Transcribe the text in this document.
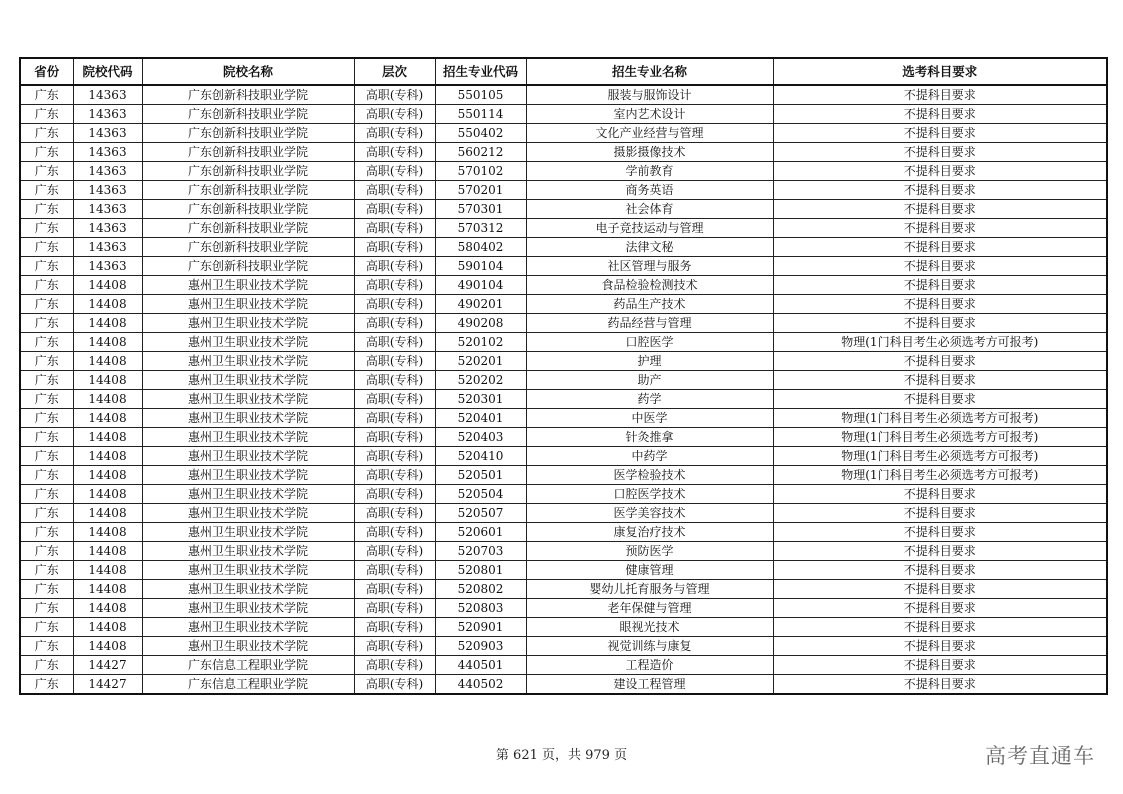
省份	院校代码	院校名称	层次	招生专业代码	招生专业名称	选考科目要求
广东	14363	广东创新科技职业学院	高职(专科)	550105	服装与服饰设计	不提科目要求
广东	14363	广东创新科技职业学院	高职(专科)	550114	室内艺术设计	不提科目要求
广东	14363	广东创新科技职业学院	高职(专科)	550402	文化产业经营与管理	不提科目要求
广东	14363	广东创新科技职业学院	高职(专科)	560212	摄影摄像技术	不提科目要求
广东	14363	广东创新科技职业学院	高职(专科)	570102	学前教育	不提科目要求
广东	14363	广东创新科技职业学院	高职(专科)	570201	商务英语	不提科目要求
广东	14363	广东创新科技职业学院	高职(专科)	570301	社会体育	不提科目要求
广东	14363	广东创新科技职业学院	高职(专科)	570312	电子竞技运动与管理	不提科目要求
广东	14363	广东创新科技职业学院	高职(专科)	580402	法律文秘	不提科目要求
广东	14363	广东创新科技职业学院	高职(专科)	590104	社区管理与服务	不提科目要求
广东	14408	惠州卫生职业技术学院	高职(专科)	490104	食品检验检测技术	不提科目要求
广东	14408	惠州卫生职业技术学院	高职(专科)	490201	药品生产技术	不提科目要求
广东	14408	惠州卫生职业技术学院	高职(专科)	490208	药品经营与管理	不提科目要求
广东	14408	惠州卫生职业技术学院	高职(专科)	520102	口腔医学	物理(1门科目考生必须选考方可报考)
广东	14408	惠州卫生职业技术学院	高职(专科)	520201	护理	不提科目要求
广东	14408	惠州卫生职业技术学院	高职(专科)	520202	助产	不提科目要求
广东	14408	惠州卫生职业技术学院	高职(专科)	520301	药学	不提科目要求
广东	14408	惠州卫生职业技术学院	高职(专科)	520401	中医学	物理(1门科目考生必须选考方可报考)
广东	14408	惠州卫生职业技术学院	高职(专科)	520403	针灸推拿	物理(1门科目考生必须选考方可报考)
广东	14408	惠州卫生职业技术学院	高职(专科)	520410	中药学	物理(1门科目考生必须选考方可报考)
广东	14408	惠州卫生职业技术学院	高职(专科)	520501	医学检验技术	物理(1门科目考生必须选考方可报考)
广东	14408	惠州卫生职业技术学院	高职(专科)	520504	口腔医学技术	不提科目要求
广东	14408	惠州卫生职业技术学院	高职(专科)	520507	医学美容技术	不提科目要求
广东	14408	惠州卫生职业技术学院	高职(专科)	520601	康复治疗技术	不提科目要求
广东	14408	惠州卫生职业技术学院	高职(专科)	520703	预防医学	不提科目要求
广东	14408	惠州卫生职业技术学院	高职(专科)	520801	健康管理	不提科目要求
广东	14408	惠州卫生职业技术学院	高职(专科)	520802	婴幼儿托育服务与管理	不提科目要求
广东	14408	惠州卫生职业技术学院	高职(专科)	520803	老年保健与管理	不提科目要求
广东	14408	惠州卫生职业技术学院	高职(专科)	520901	眼视光技术	不提科目要求
广东	14408	惠州卫生职业技术学院	高职(专科)	520903	视觉训练与康复	不提科目要求
广东	14427	广东信息工程职业学院	高职(专科)	440501	工程造价	不提科目要求
广东	14427	广东信息工程职业学院	高职(专科)	440502	建设工程管理	不提科目要求
第 621 页，共 979 页	高考直通车
